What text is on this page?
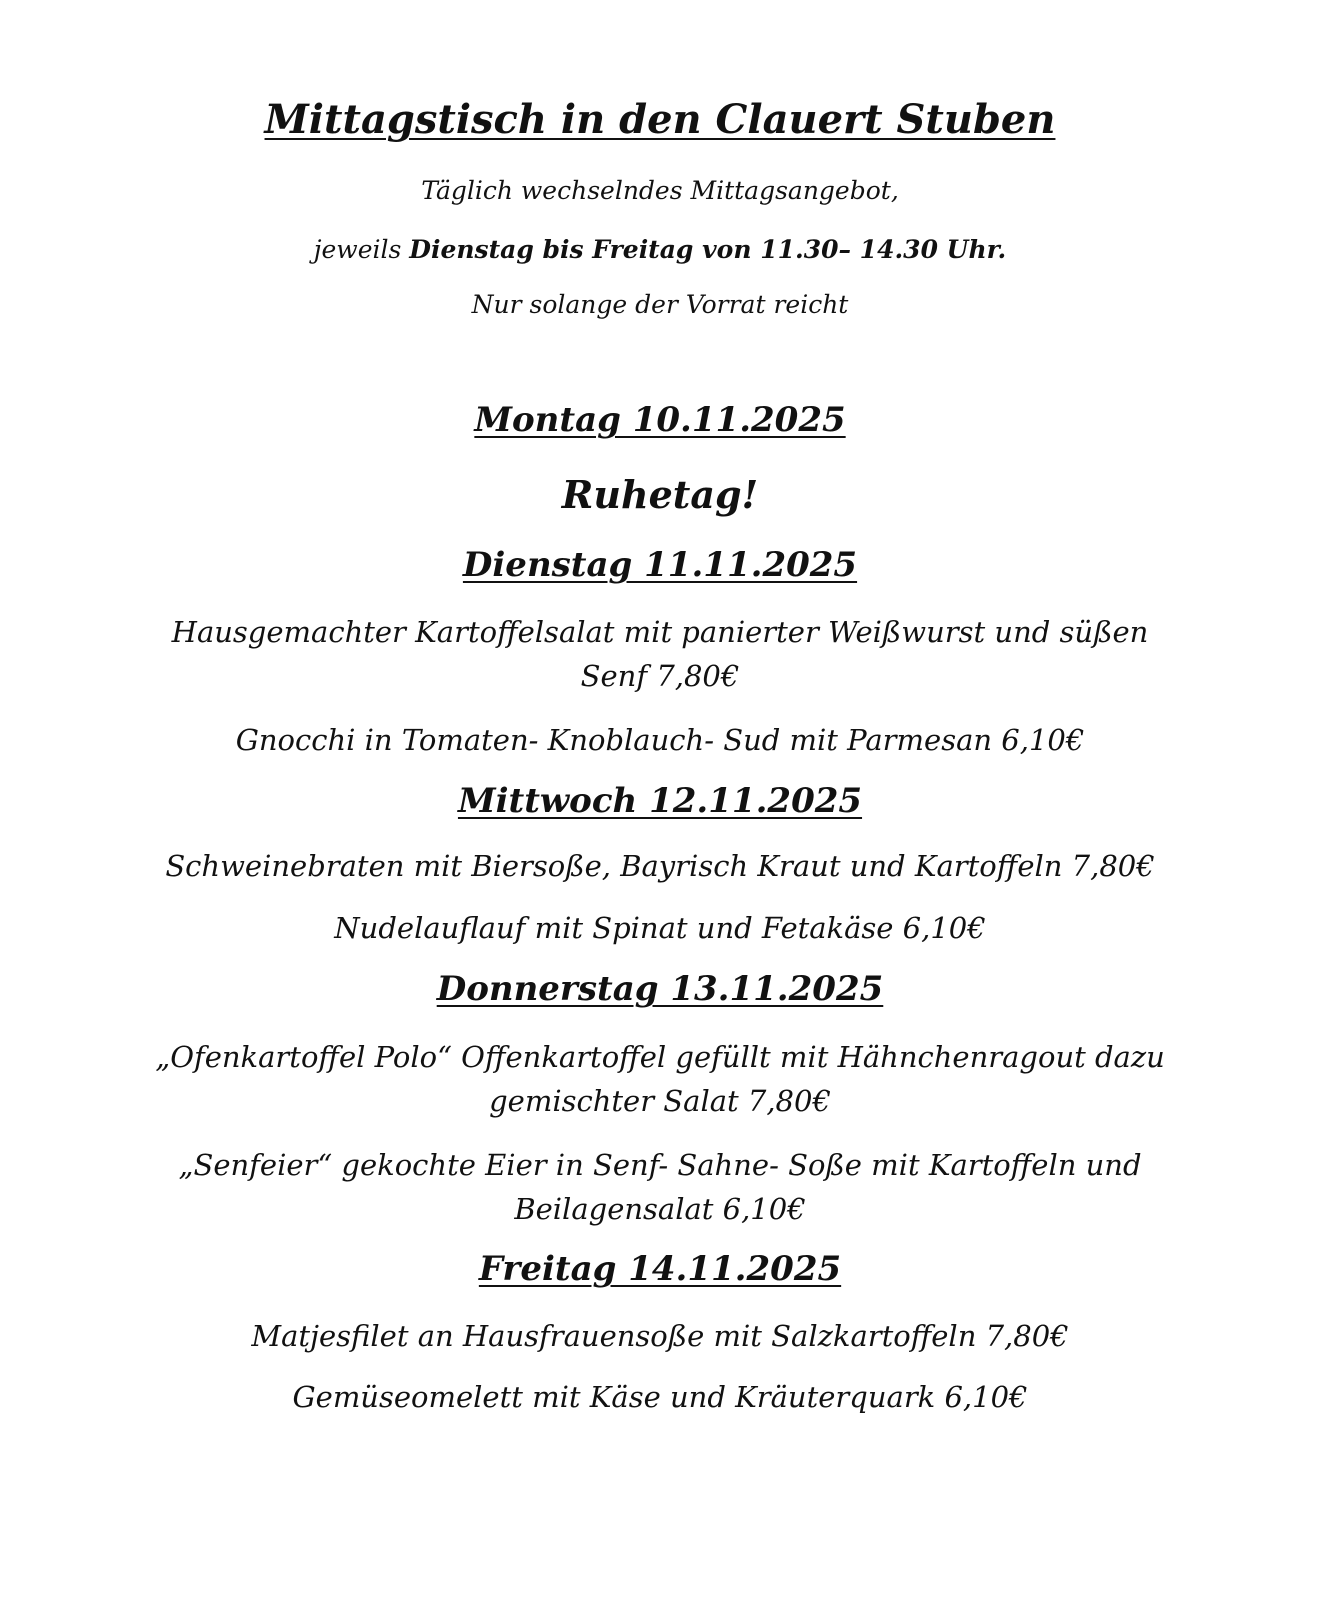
Mittagstisch in den Clauert Stuben
Täglich wechselndes Mittagsangebot,
jeweils Dienstag bis Freitag von 11.30– 14.30 Uhr.
Nur solange der Vorrat reicht
Montag 10.11.2025
Ruhetag!
Dienstag 11.11.2025
Hausgemachter Kartoffelsalat mit panierter Weißwurst und süßen
Senf 7,80€
Gnocchi in Tomaten- Knoblauch- Sud mit Parmesan 6,10€
Mittwoch 12.11.2025
Schweinebraten mit Biersoße, Bayrisch Kraut und Kartoffeln 7,80€
Nudelauflauf mit Spinat und Fetakäse 6,10€
Donnerstag 13.11.2025
„Ofenkartoffel Polo“ Offenkartoffel gefüllt mit Hähnchenragout dazu
gemischter Salat 7,80€
„Senfeier“ gekochte Eier in Senf- Sahne- Soße mit Kartoffeln und
Beilagensalat 6,10€
Freitag 14.11.2025
Matjesfilet an Hausfrauensoße mit Salzkartoffeln 7,80€
Gemüseomelett mit Käse und Kräuterquark 6,10€
